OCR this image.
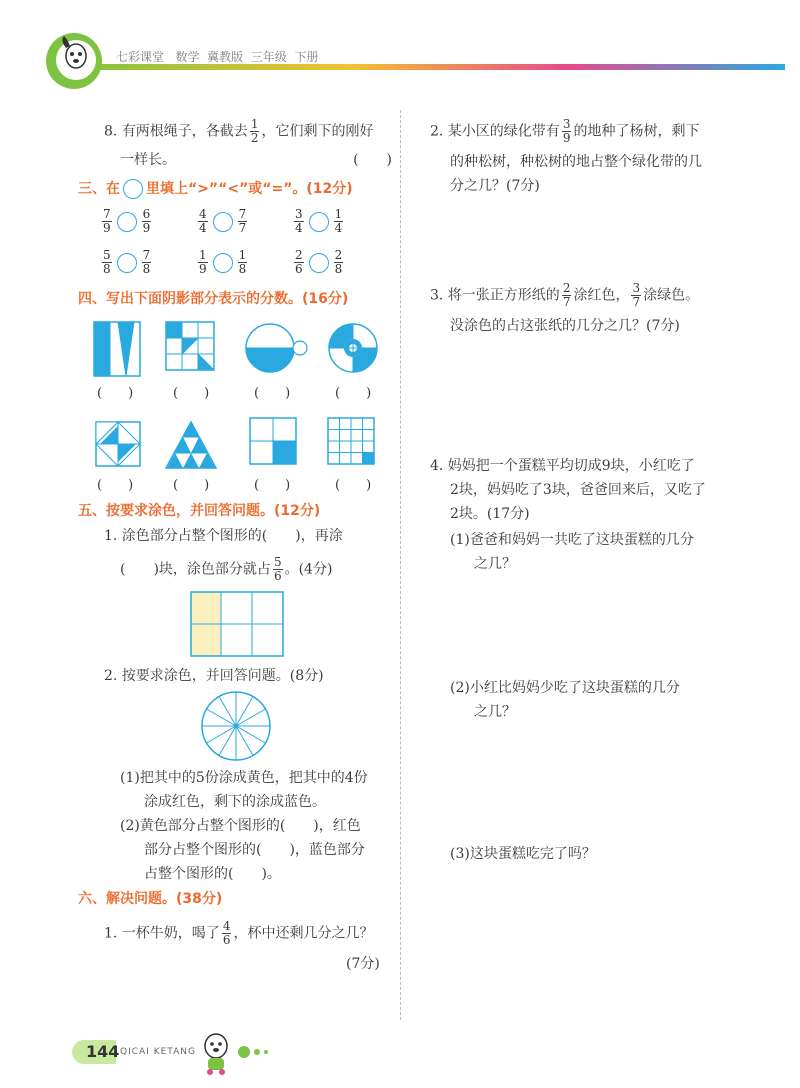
七彩课堂 数学 冀教版 三年级 下册
8. 有两根绳子，各截去 $\frac{1}{2}$ ，它们剩下的刚好
一样长。	(　　)
三、在 里填上“>”“<”或“=”。(12分)
$\frac{7}{9}$	$\frac{6}{9}$	$\frac{4}{4}$	$\frac{7}{7}$	$\frac{3}{4}$	$\frac{1}{4}$
$\frac{5}{8}$	$\frac{7}{8}$	$\frac{1}{9}$	$\frac{1}{8}$	$\frac{2}{6}$	$\frac{2}{8}$
四、写出下面阴影部分表示的分数。(16分)
(　　)	(　　)	(　　)	(　　)
(　　)	(　　)	(　　)	(　　)
五、按要求涂色，并回答问题。(12分)
1. 涂色部分占整个图形的(　　)，再涂
(　　)块，涂色部分就占 $\frac{5}{6}$ 。(4分)
2. 按要求涂色，并回答问题。(8分)
(1)把其中的5份涂成黄色，把其中的4份
涂成红色，剩下的涂成蓝色。
(2)黄色部分占整个图形的(　　)，红色
部分占整个图形的(　　)，蓝色部分
占整个图形的(　　)。
六、解决问题。(38分)
1. 一杯牛奶，喝了 $\frac{4}{6}$ ，杯中还剩几分之几？
(7分)
2. 某小区的绿化带有 $\frac{3}{9}$ 的地种了杨树，剩下
的种松树，种松树的地占整个绿化带的几
分之几？(7分)
3. 将一张正方形纸的 $\frac{2}{7}$ 涂红色， $\frac{3}{7}$ 涂绿色。
没涂色的占这张纸的几分之几？(7分)
4. 妈妈把一个蛋糕平均切成9块，小红吃了
2块，妈妈吃了3块，爸爸回来后，又吃了
2块。(17分)
(1)爸爸和妈妈一共吃了这块蛋糕的几分
之几？
(2)小红比妈妈少吃了这块蛋糕的几分
之几？
(3)这块蛋糕吃完了吗？
144 QICAI KETANG
